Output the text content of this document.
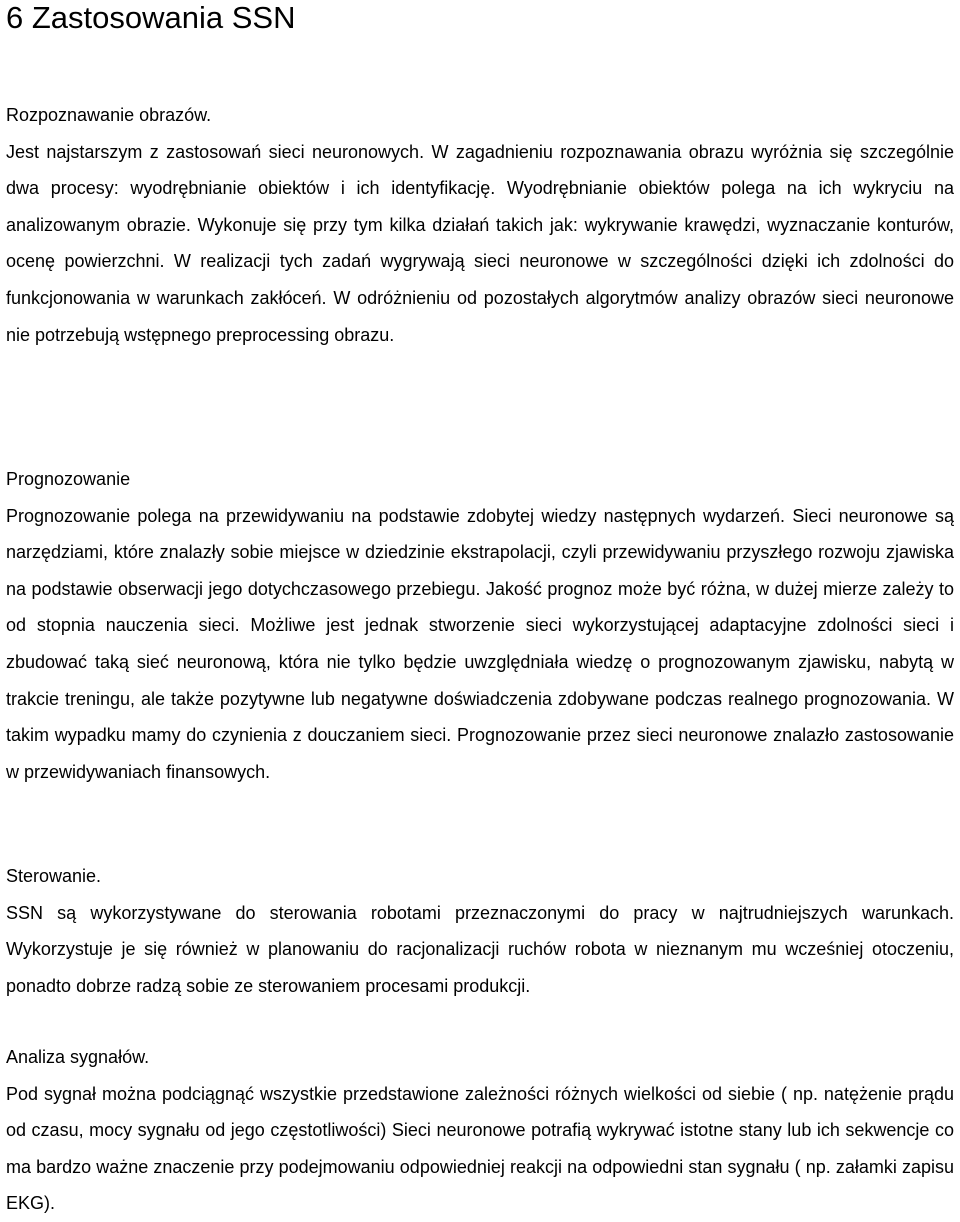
6 Zastosowania SSN

Rozpoznawanie obrazów.

Jest najstarszym z zastosowań sieci neuronowych. W zagadnieniu rozpoznawania obrazu wyróżnia się szczególnie dwa procesy: wyodrębnianie obiektów i ich identyfikację. Wyodrębnianie obiektów polega na ich wykryciu na analizowanym obrazie. Wykonuje się przy tym kilka działań takich jak: wykrywanie krawędzi, wyznaczanie konturów, ocenę powierzchni. W realizacji tych zadań wygrywają sieci neuronowe w szczególności dzięki ich zdolności do funkcjonowania w warunkach zakłóceń. W odróżnieniu od pozostałych algorytmów analizy obrazów sieci neuronowe nie potrzebują wstępnego preprocessing obrazu.

Prognozowanie

Prognozowanie polega na przewidywaniu na podstawie zdobytej wiedzy następnych wydarzeń. Sieci neuronowe są narzędziami, które znalazły sobie miejsce w dziedzinie ekstrapolacji, czyli przewidywaniu przyszłego rozwoju zjawiska na podstawie obserwacji jego dotychczasowego przebiegu. Jakość prognoz może być różna, w dużej mierze zależy to od stopnia nauczenia sieci. Możliwe jest jednak stworzenie sieci wykorzystującej adaptacyjne zdolności sieci i zbudować taką sieć neuronową, która nie tylko będzie uwzględniała wiedzę o prognozowanym zjawisku, nabytą w trakcie treningu, ale także pozytywne lub negatywne doświadczenia zdobywane podczas realnego prognozowania. W takim wypadku mamy do czynienia z douczaniem sieci. Prognozowanie przez sieci neuronowe znalazło zastosowanie w przewidywaniach finansowych.

Sterowanie.

SSN są wykorzystywane do sterowania robotami przeznaczonymi do pracy w najtrudniejszych warunkach. Wykorzystuje je się również w planowaniu do racjonalizacji ruchów robota w nieznanym mu wcześniej otoczeniu, ponadto dobrze radzą sobie ze sterowaniem procesami produkcji.

Analiza sygnałów.

Pod sygnał można podciągnąć wszystkie przedstawione zależności różnych wielkości od siebie ( np. natężenie prądu od czasu, mocy sygnału od jego częstotliwości) Sieci neuronowe potrafią wykrywać istotne stany lub ich sekwencje co ma bardzo ważne znaczenie przy podejmowaniu odpowiedniej reakcji na odpowiedni stan sygnału ( np. załamki zapisu EKG).
